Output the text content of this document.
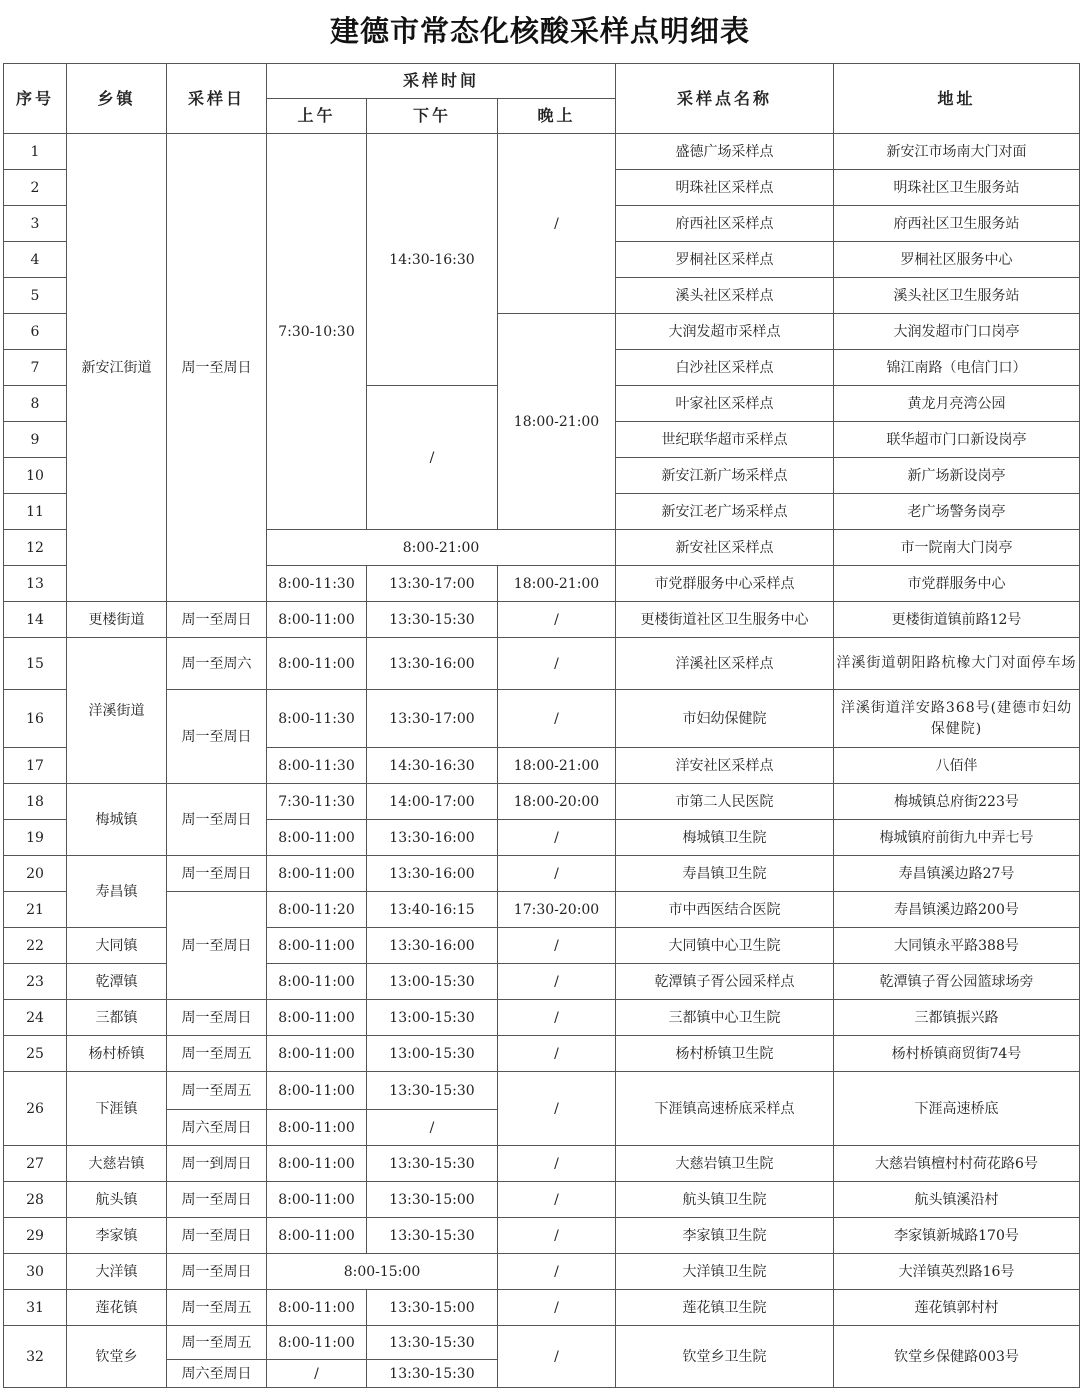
建德市常态化核酸采样点明细表
序号	乡镇	采样日	采样时间			采样点名称	地址
			上午	下午	晚上		
1	新安江街道	周一至周日	7:30-10:30	14:30-16:30	/	盛德广场采样点	新安江市场南大门对面
2						明珠社区采样点	明珠社区卫生服务站
3						府西社区采样点	府西社区卫生服务站
4						罗桐社区采样点	罗桐社区服务中心
5						溪头社区采样点	溪头社区卫生服务站
6					18:00-21:00	大润发超市采样点	大润发超市门口岗亭
7						白沙社区采样点	锦江南路（电信门口）
8				/		叶家社区采样点	黄龙月亮湾公园
9						世纪联华超市采样点	联华超市门口新设岗亭
10						新安江新广场采样点	新广场新设岗亭
11						新安江老广场采样点	老广场警务岗亭
12			8:00-21:00			新安社区采样点	市一院南大门岗亭
13			8:00-11:30	13:30-17:00	18:00-21:00	市党群服务中心采样点	市党群服务中心
14	更楼街道	周一至周日	8:00-11:00	13:30-15:30	/	更楼街道社区卫生服务中心	更楼街道镇前路12号
15	洋溪街道	周一至周六	8:00-11:00	13:30-16:00	/	洋溪社区采样点	洋溪街道朝阳路杭橡大门对面停车场
16		周一至周日	8:00-11:30	13:30-17:00	/	市妇幼保健院	洋溪街道洋安路368号(建德市妇幼保健院)
17			8:00-11:30	14:30-16:30	18:00-21:00	洋安社区采样点	八佰伴
18	梅城镇	周一至周日	7:30-11:30	14:00-17:00	18:00-20:00	市第二人民医院	梅城镇总府街223号
19			8:00-11:00	13:30-16:00	/	梅城镇卫生院	梅城镇府前街九中弄七号
20	寿昌镇	周一至周日	8:00-11:00	13:30-16:00	/	寿昌镇卫生院	寿昌镇溪边路27号
21		周一至周日	8:00-11:20	13:40-16:15	17:30-20:00	市中西医结合医院	寿昌镇溪边路200号
22	大同镇		8:00-11:00	13:30-16:00	/	大同镇中心卫生院	大同镇永平路388号
23	乾潭镇		8:00-11:00	13:00-15:30	/	乾潭镇子胥公园采样点	乾潭镇子胥公园篮球场旁
24	三都镇	周一至周日	8:00-11:00	13:00-15:30	/	三都镇中心卫生院	三都镇振兴路
25	杨村桥镇	周一至周五	8:00-11:00	13:00-15:30	/	杨村桥镇卫生院	杨村桥镇商贸街74号
26	下涯镇	周一至周五	8:00-11:00	13:30-15:30	/	下涯镇高速桥底采样点	下涯高速桥底
		周六至周日	8:00-11:00	/			
27	大慈岩镇	周一到周日	8:00-11:00	13:30-15:30	/	大慈岩镇卫生院	大慈岩镇檀村村荷花路6号
28	航头镇	周一至周日	8:00-11:00	13:30-15:00	/	航头镇卫生院	航头镇溪沿村
29	李家镇	周一至周日	8:00-11:00	13:30-15:30	/	李家镇卫生院	李家镇新城路170号
30	大洋镇	周一至周日	8:00-15:00		/	大洋镇卫生院	大洋镇英烈路16号
31	莲花镇	周一至周五	8:00-11:00	13:30-15:00	/	莲花镇卫生院	莲花镇郭村村
32	钦堂乡	周一至周五	8:00-11:00	13:30-15:30	/	钦堂乡卫生院	钦堂乡保健路003号
		周六至周日	/	13:30-15:30			
